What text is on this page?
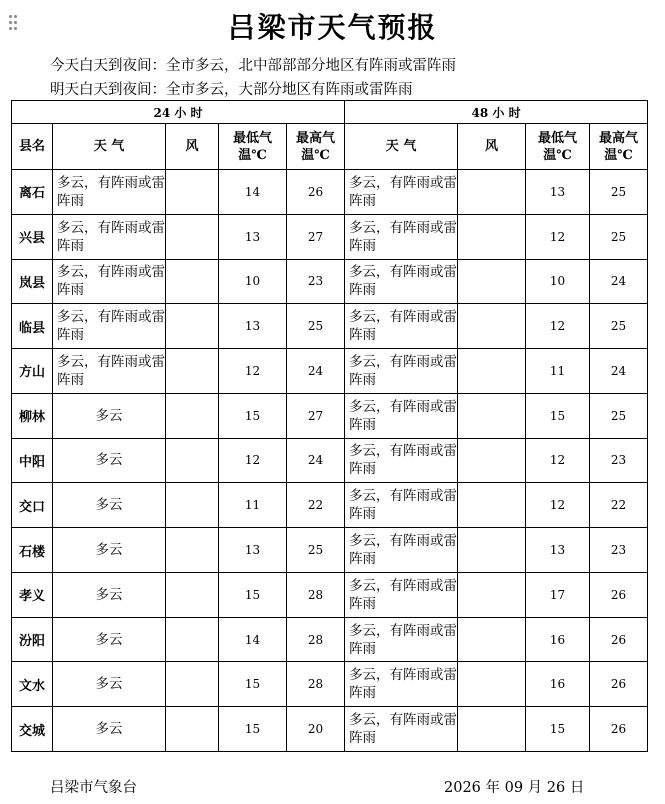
吕梁市天气预报
今天白天到夜间：全市多云，北中部部部分地区有阵雨或雷阵雨
明天白天到夜间：全市多云，大部分地区有阵雨或雷阵雨
24 小 时					48 小 时			
县名	天 气	风	最低气温℃	最高气温℃	天 气	风	最低气温℃	最高气温℃
离石	多云，有阵雨或雷阵雨		14	26	多云，有阵雨或雷阵雨		13	25
兴县	多云，有阵雨或雷阵雨		13	27	多云，有阵雨或雷阵雨		12	25
岚县	多云，有阵雨或雷阵雨		10	23	多云，有阵雨或雷阵雨		10	24
临县	多云，有阵雨或雷阵雨		13	25	多云，有阵雨或雷阵雨		12	25
方山	多云，有阵雨或雷阵雨		12	24	多云，有阵雨或雷阵雨		11	24
柳林	多云		15	27	多云，有阵雨或雷阵雨		15	25
中阳	多云		12	24	多云，有阵雨或雷阵雨		12	23
交口	多云		11	22	多云，有阵雨或雷阵雨		12	22
石楼	多云		13	25	多云，有阵雨或雷阵雨		13	23
孝义	多云		15	28	多云，有阵雨或雷阵雨		17	26
汾阳	多云		14	28	多云，有阵雨或雷阵雨		16	26
文水	多云		15	28	多云，有阵雨或雷阵雨		16	26
交城	多云		15	20	多云，有阵雨或雷阵雨		15	26
吕梁市气象台	2026 年 09 月 26 日
